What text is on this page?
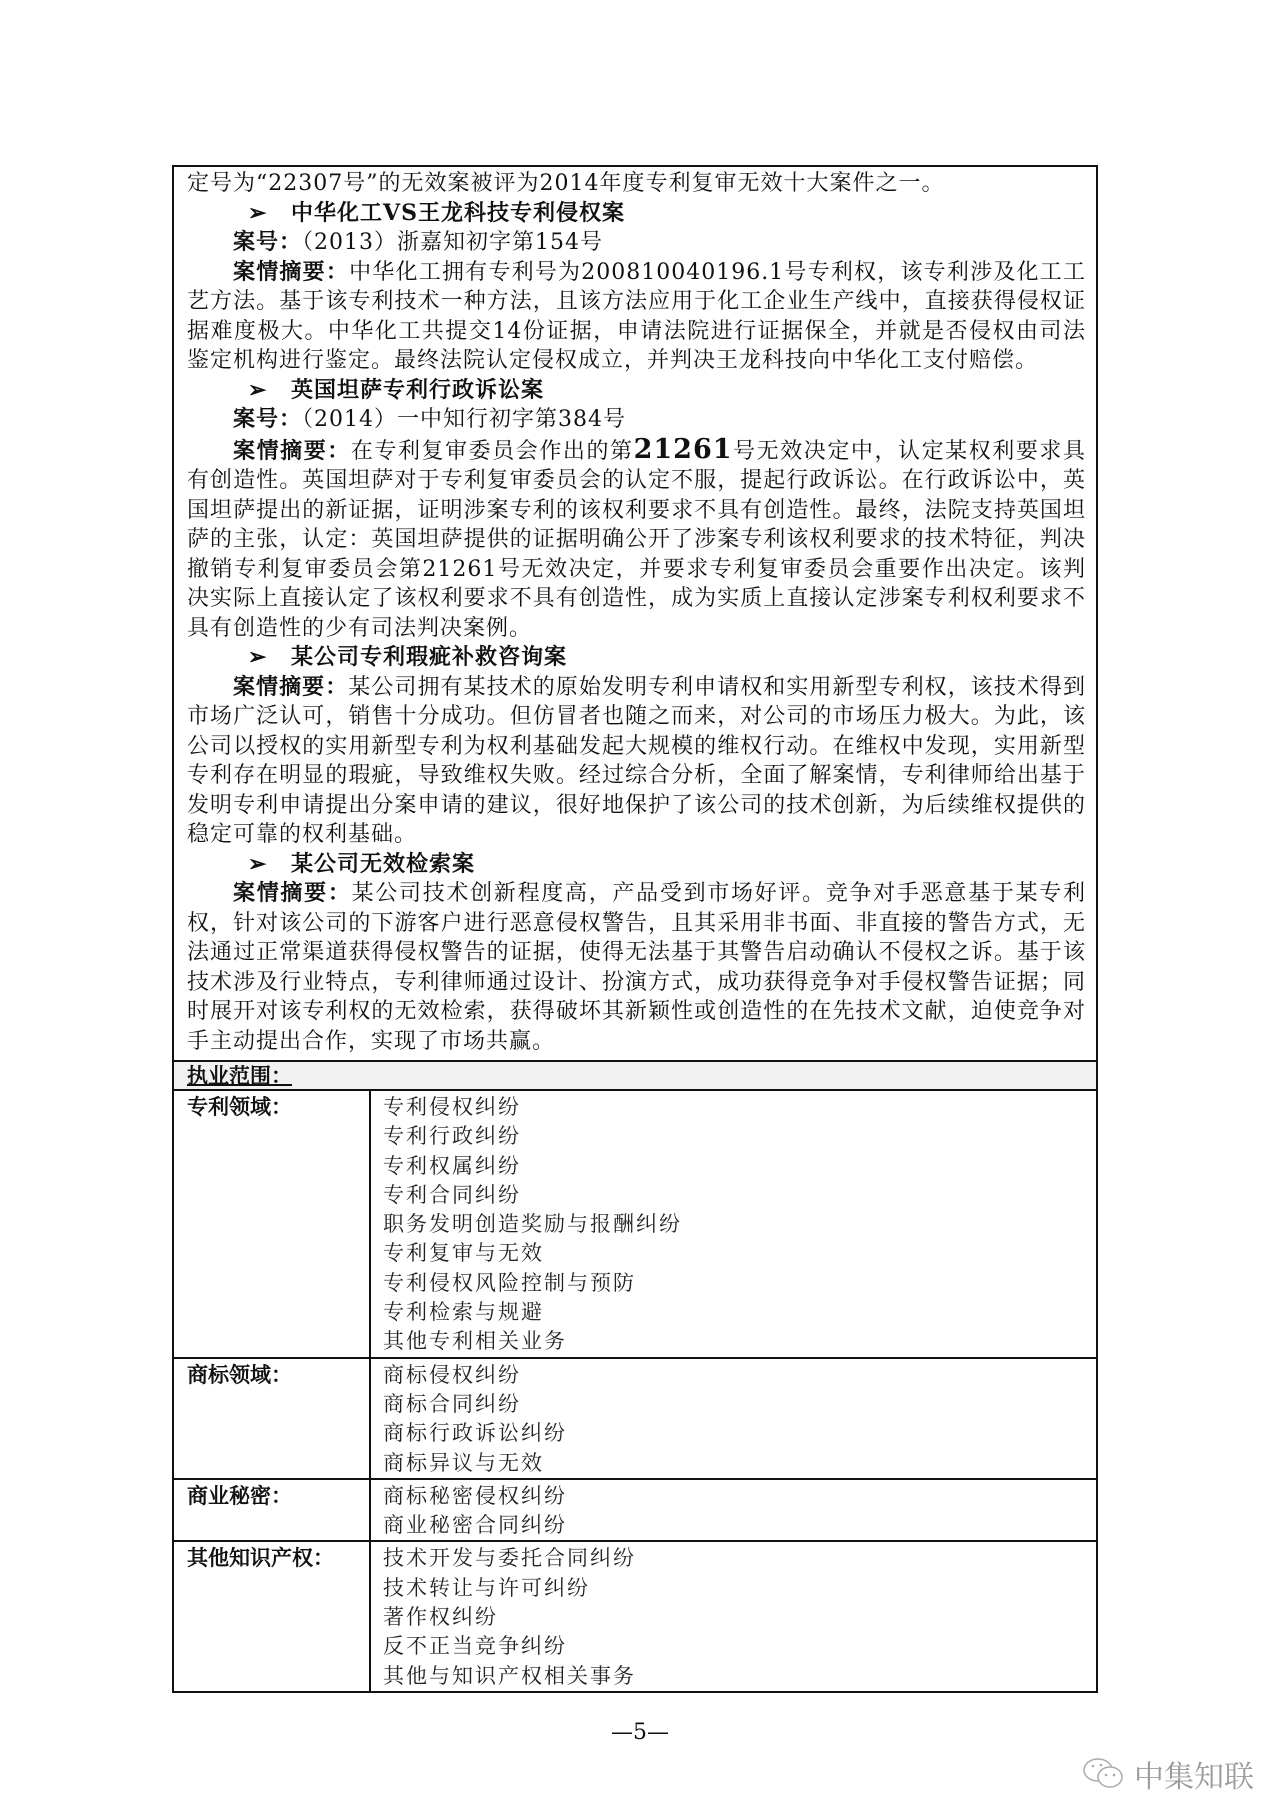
定号为“22307号”的无效案被评为2014年度专利复审无效十大案件之一。

➢ 中华化工VS王龙科技专利侵权案

案号：（2013）浙嘉知初字第154号

案情摘要：中华化工拥有专利号为200810040196.1号专利权，该专利涉及化工工艺方法。基于该专利技术一种方法，且该方法应用于化工企业生产线中，直接获得侵权证据难度极大。中华化工共提交14份证据，申请法院进行证据保全，并就是否侵权由司法鉴定机构进行鉴定。最终法院认定侵权成立，并判决王龙科技向中华化工支付赔偿。

➢ 英国坦萨专利行政诉讼案

案号：（2014）一中知行初字第384号

案情摘要：在专利复审委员会作出的第21261号无效决定中，认定某权利要求具有创造性。英国坦萨对于专利复审委员会的认定不服，提起行政诉讼。在行政诉讼中，英国坦萨提出的新证据，证明涉案专利的该权利要求不具有创造性。最终，法院支持英国坦萨的主张，认定：英国坦萨提供的证据明确公开了涉案专利该权利要求的技术特征，判决撤销专利复审委员会第21261号无效决定，并要求专利复审委员会重要作出决定。该判决实际上直接认定了该权利要求不具有创造性，成为实质上直接认定涉案专利权利要求不具有创造性的少有司法判决案例。

➢ 某公司专利瑕疵补救咨询案

案情摘要：某公司拥有某技术的原始发明专利申请权和实用新型专利权，该技术得到市场广泛认可，销售十分成功。但仿冒者也随之而来，对公司的市场压力极大。为此，该公司以授权的实用新型专利为权利基础发起大规模的维权行动。在维权中发现，实用新型专利存在明显的瑕疵，导致维权失败。经过综合分析，全面了解案情，专利律师给出基于发明专利申请提出分案申请的建议，很好地保护了该公司的技术创新，为后续维权提供的稳定可靠的权利基础。

➢ 某公司无效检索案

案情摘要：某公司技术创新程度高，产品受到市场好评。竞争对手恶意基于某专利权，针对该公司的下游客户进行恶意侵权警告，且其采用非书面、非直接的警告方式，无法通过正常渠道获得侵权警告的证据，使得无法基于其警告启动确认不侵权之诉。基于该技术涉及行业特点，专利律师通过设计、扮演方式，成功获得竞争对手侵权警告证据；同时展开对该专利权的无效检索，获得破坏其新颖性或创造性的在先技术文献，迫使竞争对手主动提出合作，实现了市场共赢。

执业范围：
专利领域：	专利侵权纠纷
专利行政纠纷
专利权属纠纷
专利合同纠纷
职务发明创造奖励与报酬纠纷
专利复审与无效
专利侵权风险控制与预防
专利检索与规避
其他专利相关业务
商标领域：	商标侵权纠纷
商标合同纠纷
商标行政诉讼纠纷
商标异议与无效
商业秘密：	商标秘密侵权纠纷
商业秘密合同纠纷
其他知识产权：	技术开发与委托合同纠纷
技术转让与许可纠纷
著作权纠纷
反不正当竞争纠纷
其他与知识产权相关事务
—5—
中集知联
